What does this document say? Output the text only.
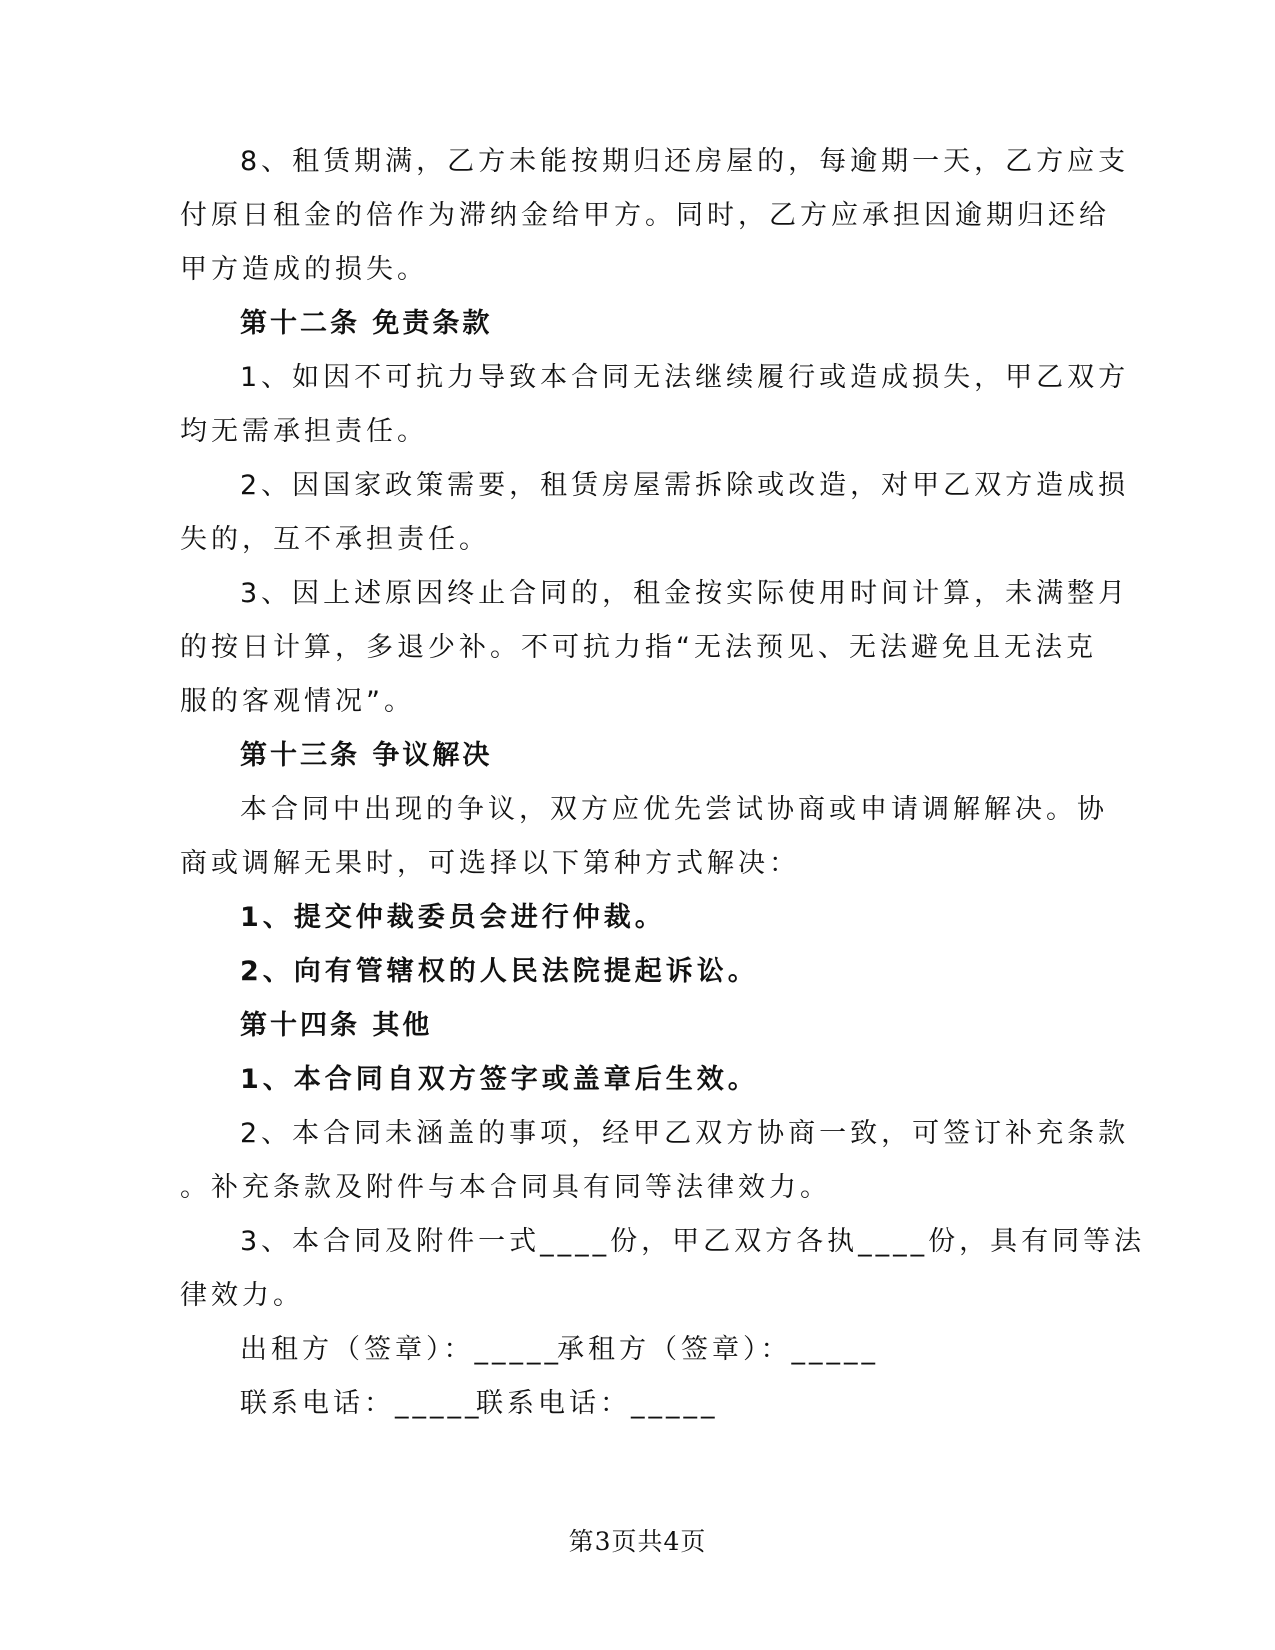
8、租赁期满，乙方未能按期归还房屋的，每逾期一天，乙方应支
付原日租金的倍作为滞纳金给甲方。同时，乙方应承担因逾期归还给
甲方造成的损失。
第十二条 免责条款
1、如因不可抗力导致本合同无法继续履行或造成损失，甲乙双方
均无需承担责任。
2、因国家政策需要，租赁房屋需拆除或改造，对甲乙双方造成损
失的，互不承担责任。
3、因上述原因终止合同的，租金按实际使用时间计算，未满整月
的按日计算，多退少补。不可抗力指“无法预见、无法避免且无法克
服的客观情况”。
第十三条 争议解决
本合同中出现的争议，双方应优先尝试协商或申请调解解决。协
商或调解无果时，可选择以下第种方式解决：
1、提交仲裁委员会进行仲裁。
2、向有管辖权的人民法院提起诉讼。
第十四条 其他
1、本合同自双方签字或盖章后生效。
2、本合同未涵盖的事项，经甲乙双方协商一致，可签订补充条款
。补充条款及附件与本合同具有同等法律效力。
3、本合同及附件一式____份，甲乙双方各执____份，具有同等法
律效力。
出租方（签章）：_____
承租方（签章）：_____
联系电话：_____
联系电话：_____
第3页共4页
